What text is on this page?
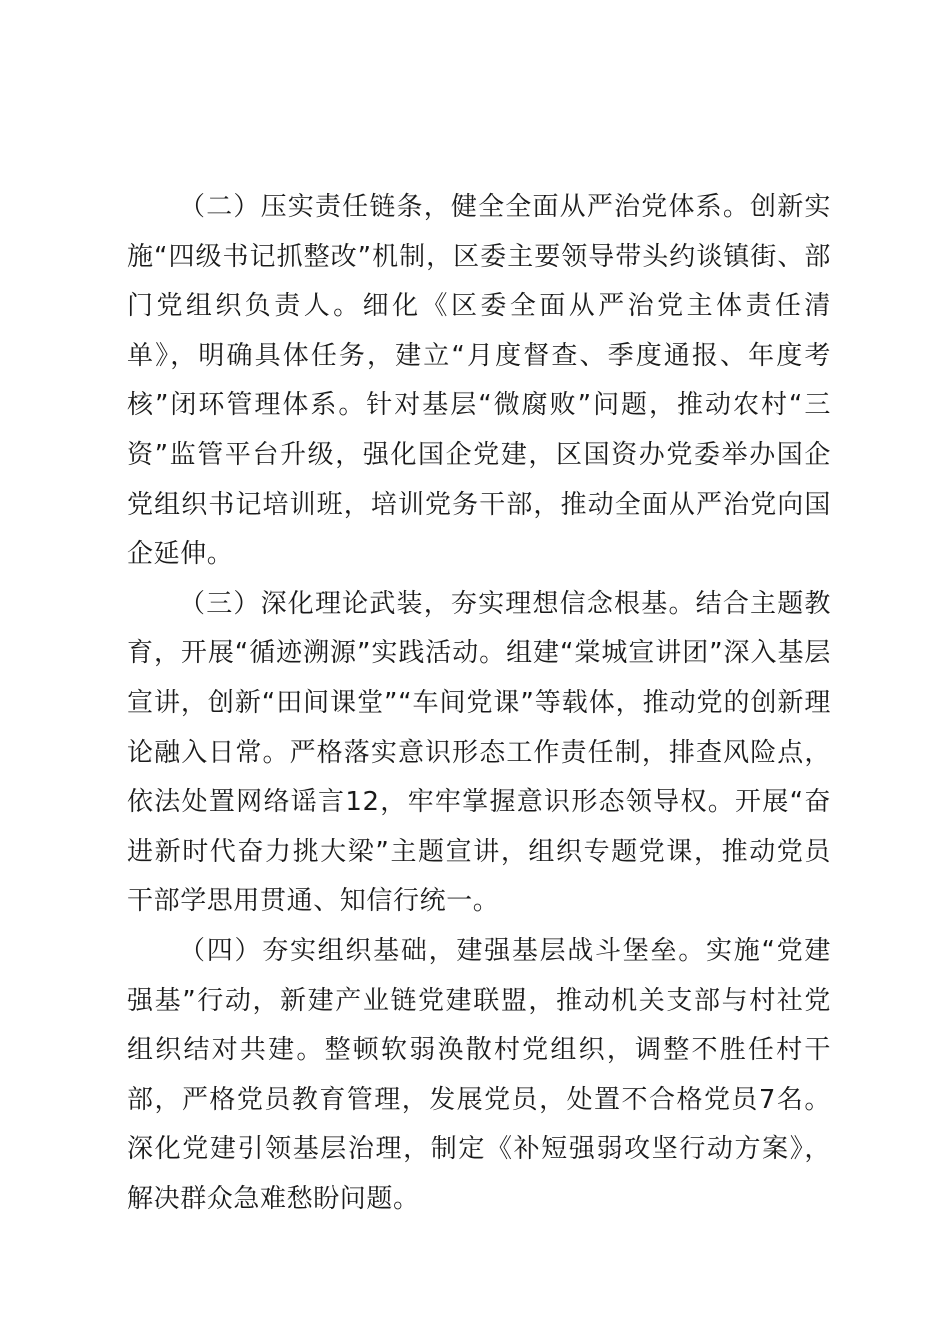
（二）压实责任链条，健全全面从严治党体系。创新实施“四级书记抓整改”机制，区委主要领导带头约谈镇街、部门党组织负责人。细化《区委全面从严治党主体责任清单》，明确具体任务，建立“月度督查、季度通报、年度考核”闭环管理体系。针对基层“微腐败”问题，推动农村“三资”监管平台升级，强化国企党建，区国资办党委举办国企党组织书记培训班，培训党务干部，推动全面从严治党向国企延伸。

（三）深化理论武装，夯实理想信念根基。结合主题教育，开展“循迹溯源”实践活动。组建“棠城宣讲团”深入基层宣讲，创新“田间课堂”“车间党课”等载体，推动党的创新理论融入日常。严格落实意识形态工作责任制，排查风险点，依法处置网络谣言12，牢牢掌握意识形态领导权。开展“奋进新时代奋力挑大梁”主题宣讲，组织专题党课，推动党员干部学思用贯通、知信行统一。

（四）夯实组织基础，建强基层战斗堡垒。实施“党建强基”行动，新建产业链党建联盟，推动机关支部与村社党组织结对共建。整顿软弱涣散村党组织，调整不胜任村干部，严格党员教育管理，发展党员，处置不合格党员7名。深化党建引领基层治理，制定《补短强弱攻坚行动方案》，解决群众急难愁盼问题。
